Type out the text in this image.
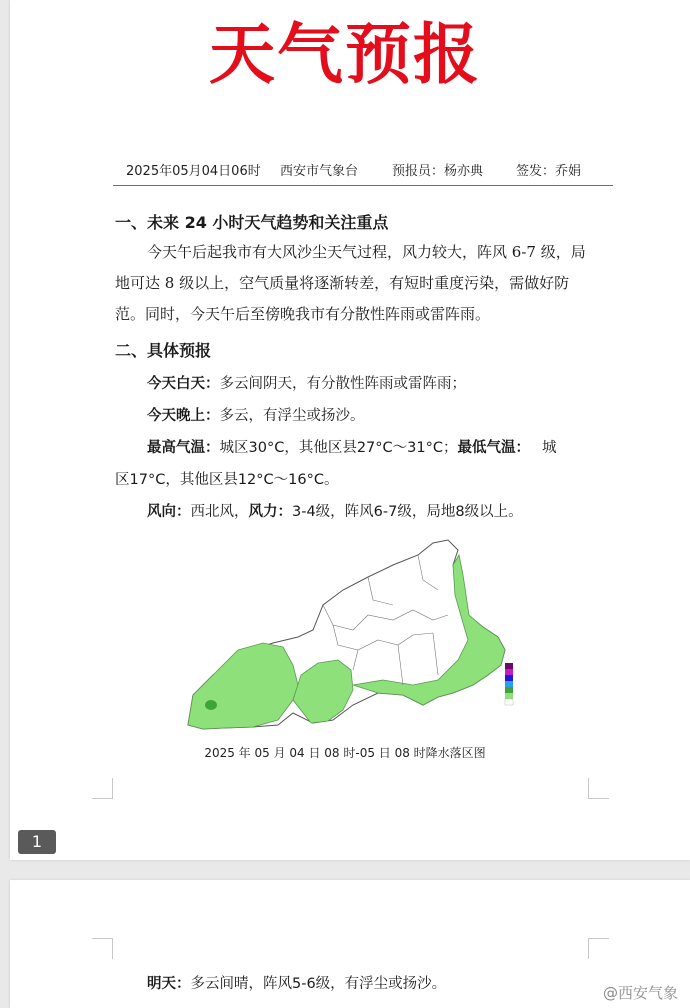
天气预报
2025年05月04日06时 西安市气象台	预报员：杨亦典	签发：乔娟
一、未来 24 小时天气趋势和关注重点
今天午后起我市有大风沙尘天气过程，风力较大，阵风 6-7 级，局地可达 8 级以上，空气质量将逐渐转差，有短时重度污染，需做好防范。同时，今天午后至傍晚我市有分散性阵雨或雷阵雨。
二、具体预报
今天白天：多云间阴天，有分散性阵雨或雷阵雨；
今天晚上：多云，有浮尘或扬沙。
最高气温：城区30°C，其他区县27°C～31°C；最低气温： 城
区17°C，其他区县12°C～16°C。
风向：西北风，风力：3-4级，阵风6-7级，局地8级以上。
2025 年 05 月 04 日 08 时-05 日 08 时降水落区图
1
明天：多云间晴，阵风5-6级，有浮尘或扬沙。	@西安气象
